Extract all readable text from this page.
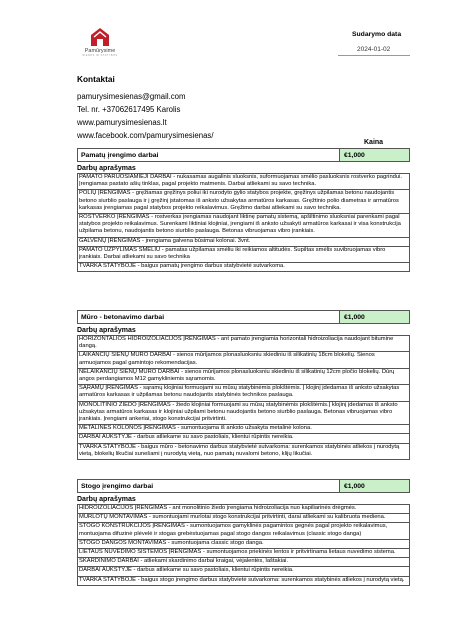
Pamūrysime
SIENOS IR STATYBOS
Sudarymo data
2024-01-02
Kontaktai
pamurysimesienas@gmail.com
Tel. nr. +37062617495 Karolis
www.pamurysimesienas.lt
www.facebook.com/pamurysimesienas/
Kaina
Pamatų įrengimo darbai	€1,000
Darbų aprašymas
PAMATO PARUOŠIAMIEJI DARBAI - nukasamas augalinis sluoksnis, suformuojamas smėlio pasluoksnis rostverko pagrindui. Įrengiamas pastato ašių tinklas, pagal projekto matmenis. Darbai atliekami su savo technika.
POLIŲ ĮRENGIMAS - gręžiamas gręžinys poliui iki nurodyto gylio statybos projekte, gręžinys užpilamas betonu naudojantis betono siurblio paslauga ir į gręžinį įstatomas iš anksto užsakytas armatūros karkasas. Gręžtinio polio diametras ir armatūros karkasas įrengiamas pagal statybos projekto reikalavimus. Gręžimo darbai atliekami su savo technika.
ROSTVERKO ĮRENGIMAS - rostverkas įrengiamas naudojant liktinę pamatų sistemą, apšiltinimo sluoksniai parenkami pagal statybos projekto reikalavimus. Surenkami liktiniai klojiniai, įrengiami iš anksto užsakyti armatūros karkasai ir visa konstrukcija užpilama betonu, naudojantis betono siurblio paslauga. Betonas vibruojamas vibro įrankiais.
GALVENŲ ĮRENGIMAS - įrengiama galvena būsimai kolonai. 3vnt.
PAMATO UŽPYLIMAS SMĖLIU - pamatas užpilamas smėliu iki reikiamos altitudės. Supiltas smėlis suvibruojamas vibro įrankiais. Darbai atliekami su savo technika
TVARKA STATYBOJE - baigus pamatų įrengimo darbus statybvietė sutvarkoma.
Mūro - betonavimo darbai	€1,000
Darbų aprašymas
HORIZONTALIOS HIDROIZOLIACIJOS ĮRENGIMAS - ant pamato įrengiamia horizontali hidroizoliacija naudojant bitumine dangą.
LAIKANČIŲ SIENŲ MŪRO DARBAI - sienos mūrijamos plonasluoksniu skiediniu iš silikatinių 18cm blokelių. Sienos armuojamos pagal gamintojo rekomendacijas.
NELAIKANČIŲ SIENŲ MŪRO DARBAI - sienos mūrijamos plonasluoksniu skiediniu iš silikatinių 12cm pločio blokelių. Dūrų angos perdangiamos M12 gamykliniemis sąramomis.
SĄRAMŲ ĮRENGIMAS - sąramų klojiniai formuojami su mūsų statybinėmis plokštėmis. Į klojinį įdedamas iš anksto užsakytas armatūros karkasas ir užpilamas betonu naudojantis statybinės technikos paslauga.
MONOLITINIO ŽIEDO ĮRENGIMAS - žiedo klojiniai formuojami su mūsų statybinėmis plokštėmis.Į klojinį įdedamas iš anksto užsakytas armatūros karkasas ir klojiniai užpilami betonu naudojantis betono siurblio paslauga. Betonas vibruojamas vibro įrankiais. Įrengiami ankeriai, stogo konstrukcijai pritvirtinti.
METALINĖS KOLONOS ĮRENGIMAS - sumontuojama iš anksto užsakyta metalinė kolona.
DARBAI AUKŠTYJE - darbus atliekame su savo pastoliais, klientui rūpintis nereikia.
TVARKA STATYBOJE - baigus mūro - betonavimo darbus statybvietė sutvarkoma: surenkamos statybinės atliekos į nurodytą vietą, blokelių likučiai sunešami į nurodytą vietą, nuo pamatų nuvalomi betono, klijų likučiai.
Stogo įrengimo darbai	€1,000
Darbų aprašymas
HIDROIZOLIACIJOS ĮRENGIMAS - ant monolitinio žiedo įrengiama hidroizoliacija nuo kapiliarinės drėgmės.
MURLOTŲ MONTAVIMAS - sumontuojami murlotai stogo konstrukcijai pritvirtinti, darai atliekami su kalibruota mediena.
STOGO KONSTRUKCIJOS ĮRENGIMAS - sumontuojamos gamyklinės pagamintos gegnės pagal projekto reikalavimus, montuojama difuzinė plėvelė ir stogas grebėstuojamas pagal stogo dangos reikalavimus (classic stogo danga)
STOGO DANGOS MONTAVIMAS - sumontuojama classic stogo danga.
LIETAUS NUVEDIMO SISTEMOS ĮRENGIMAS - sumontuojamos priekinės lentos ir pritvirtinama lietaus nuvedimo sistema.
SKARDINIMO DARBAI - atliekami skardinimo darbai kraigai, vėjalentės, laštakiai.
DARBAI AUKŠTYJE - darbus atliekame su savo pastoliais, klientui rūpintis nereikia.
TVARKA STATYBOJE - baigus stogo įrengimo darbus statybvietė sutvarkoma: surenkamos statybinės atliekos į nurodytą vietą.
